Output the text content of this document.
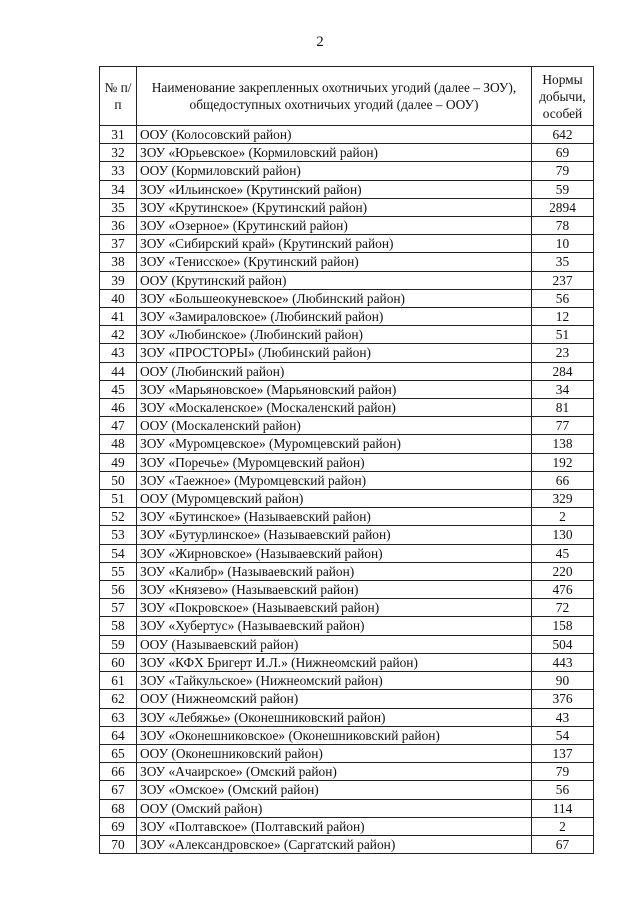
2
№ п/п	Наименование закрепленных охотничьих угодий (далее – ЗОУ), общедоступных охотничьих угодий (далее – ООУ)	Нормы добычи, особей
31	ООУ (Колосовский район)	642
32	ЗОУ «Юрьевское» (Кормиловский район)	69
33	ООУ (Кормиловский район)	79
34	ЗОУ «Ильинское» (Крутинский район)	59
35	ЗОУ «Крутинское» (Крутинский район)	2894
36	ЗОУ «Озерное» (Крутинский район)	78
37	ЗОУ «Сибирский край» (Крутинский район)	10
38	ЗОУ «Тенисское» (Крутинский район)	35
39	ООУ (Крутинский район)	237
40	ЗОУ «Большеокуневское» (Любинский район)	56
41	ЗОУ «Замираловское» (Любинский район)	12
42	ЗОУ «Любинское» (Любинский район)	51
43	ЗОУ «ПРОСТОРЫ» (Любинский район)	23
44	ООУ (Любинский район)	284
45	ЗОУ «Марьяновское» (Марьяновский район)	34
46	ЗОУ «Москаленское» (Москаленский район)	81
47	ООУ (Москаленский район)	77
48	ЗОУ «Муромцевское» (Муромцевский район)	138
49	ЗОУ «Поречье» (Муромцевский район)	192
50	ЗОУ «Таежное» (Муромцевский район)	66
51	ООУ (Муромцевский район)	329
52	ЗОУ «Бутинское» (Называевский район)	2
53	ЗОУ «Бутурлинское» (Называевский район)	130
54	ЗОУ «Жирновское» (Называевский район)	45
55	ЗОУ «Калибр» (Называевский район)	220
56	ЗОУ «Князево» (Называевский район)	476
57	ЗОУ «Покровское» (Называевский район)	72
58	ЗОУ «Хубертус» (Называевский район)	158
59	ООУ (Называевский район)	504
60	ЗОУ «КФХ Бригерт И.Л.» (Нижнеомский район)	443
61	ЗОУ «Тайкульское» (Нижнеомский район)	90
62	ООУ (Нижнеомский район)	376
63	ЗОУ «Лебяжье» (Оконешниковский район)	43
64	ЗОУ «Оконешниковское» (Оконешниковский район)	54
65	ООУ (Оконешниковский район)	137
66	ЗОУ «Ачаирское» (Омский район)	79
67	ЗОУ «Омское» (Омский район)	56
68	ООУ (Омский район)	114
69	ЗОУ «Полтавское» (Полтавский район)	2
70	ЗОУ «Александровское» (Саргатский район)	67
